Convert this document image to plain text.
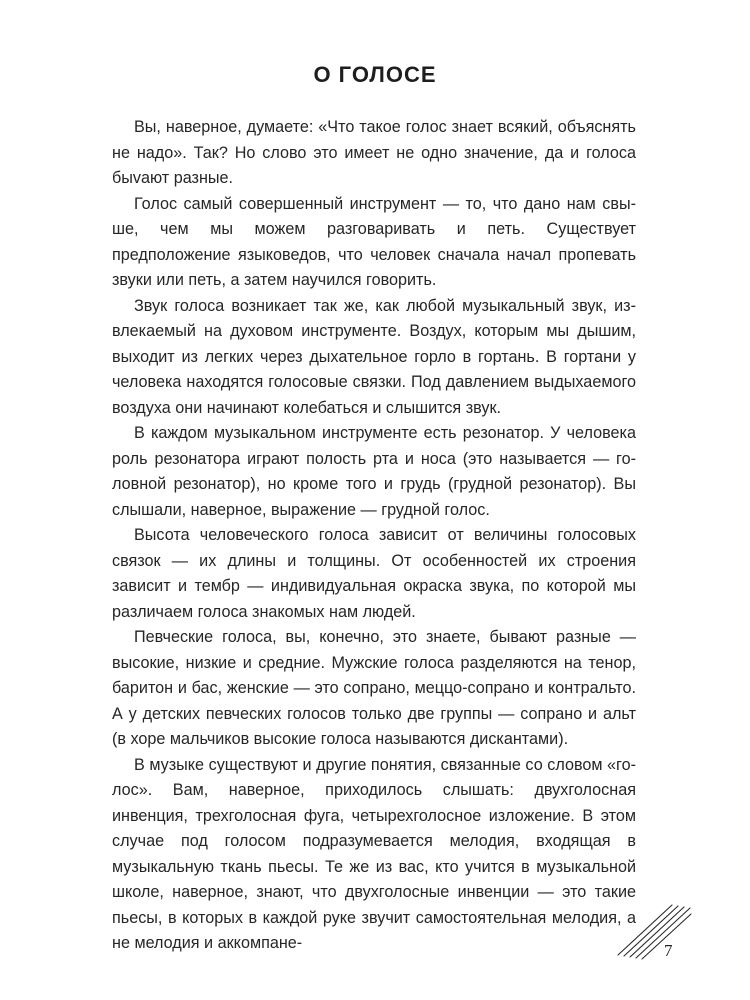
О ГОЛОСЕ

Вы, наверное, думаете: «Что такое голос знает всякий, объяснять не надо». Так? Но слово это имеет не одно значение, да и голоса быvают разные.

Голос самый совершенный инструмент — то, что дано нам свыше, чем мы можем разговаривать и петь. Существует предположение языковедов, что человек сначала начал пропевать звуки или петь, а затем научился говорить.

Звук голоса возникает так же, как любой музыкальный звук, извлекаемый на духовом инструменте. Воздух, которым мы дышим, выходит из легких через дыхательное горло в гортань. В гортани у человека находятся голосовые связки. Под давлением выдыхаемого воздуха они начинают колебаться и слышится звук.

В каждом музыкальном инструменте есть резонатор. У человека роль резонатора играют полость рта и носа (это называется — головной резонатор), но кроме того и грудь (грудной резонатор). Вы слышали, наверное, выражение — грудной голос.

Высота человеческого голоса зависит от величины голосовых связок — их длины и толщины. От особенностей их строения зависит и тембр — индивидуальная окраска звука, по которой мы различаем голоса знакомых нам людей.

Певческие голоса, вы, конечно, это знаете, бывают разные — высокие, низкие и средние. Мужские голоса разделяются на тенор, баритон и бас, женские — это сопрано, меццо-сопрано и контральто. А у детских певческих голосов только две группы — сопрано и альт (в хоре мальчиков высокие голоса называются дискантами).

В музыке существуют и другие понятия, связанные со словом «голос». Вам, наверное, приходилось слышать: двухголосная инвенция, трехголосная фуга, четырехголосное изложение. В этом случае под голосом подразумевается мелодия, входящая в музыкальную ткань пьесы. Те же из вас, кто учится в музыкальной школе, наверное, знают, что двухголосные инвенции — это такие пьесы, в которых в каждой руке звучит самостоятельная мелодия, а не мелодия и аккомпане-	7
